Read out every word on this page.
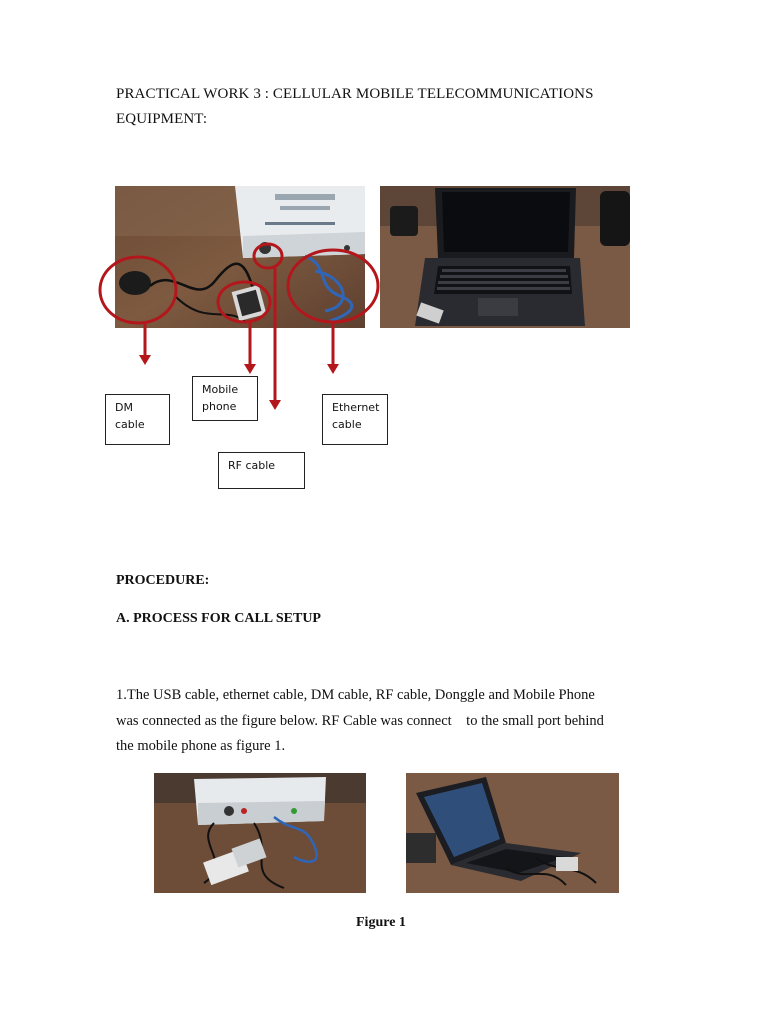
PRACTICAL WORK 3 : CELLULAR MOBILE TELECOMMUNICATIONS
EQUIPMENT:
DM
cable
Mobile
phone	Ethernet
cable
RF cable
PROCEDURE:
A. PROCESS FOR CALL SETUP
1.The USB cable, ethernet cable, DM cable, RF cable, Donggle and Mobile Phone
was connected as the figure below. RF Cable was connect    to the small port behind
the mobile phone as figure 1.
Figure 1
